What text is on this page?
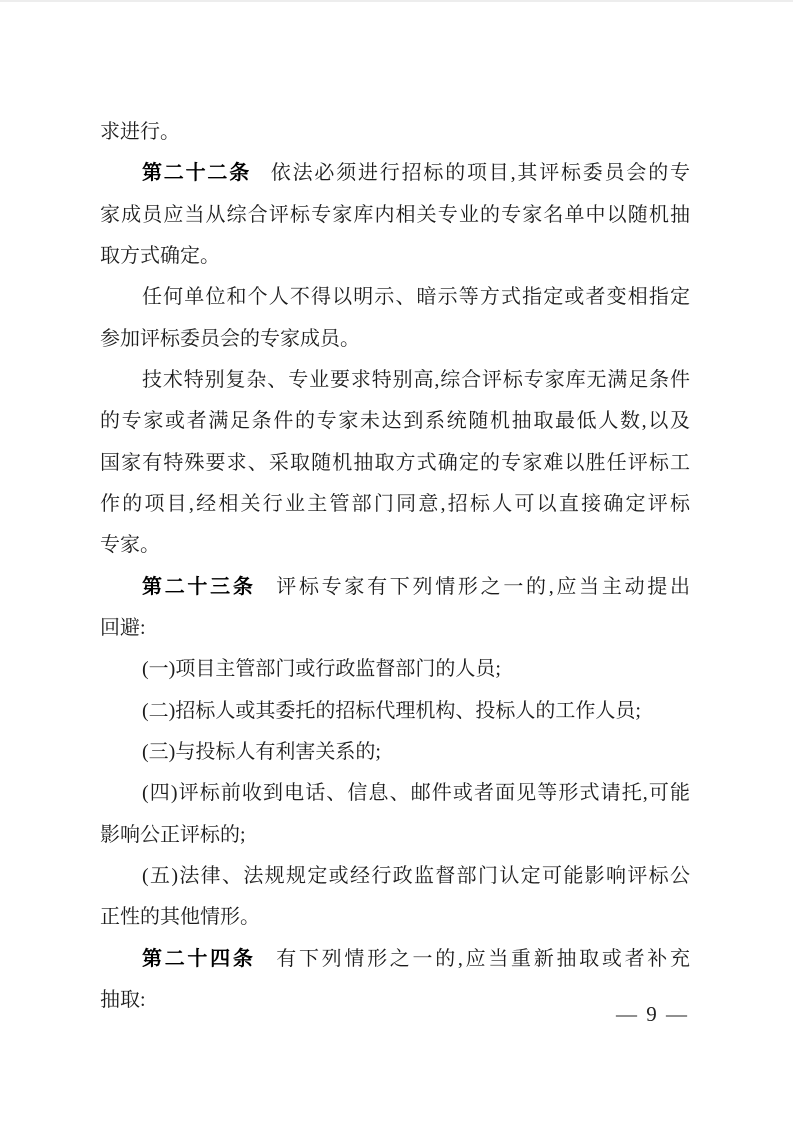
求进行。
第二十二条 依法必须进行招标的项目,其评标委员会的专
家成员应当从综合评标专家库内相关专业的专家名单中以随机抽
取方式确定。
任何单位和个人不得以明示、暗示等方式指定或者变相指定
参加评标委员会的专家成员。
技术特别复杂、专业要求特别高,综合评标专家库无满足条件
的专家或者满足条件的专家未达到系统随机抽取最低人数,以及
国家有特殊要求、采取随机抽取方式确定的专家难以胜任评标工
作的项目,经相关行业主管部门同意,招标人可以直接确定评标
专家。
第二十三条 评标专家有下列情形之一的,应当主动提出
回避:
(一)项目主管部门或行政监督部门的人员;
(二)招标人或其委托的招标代理机构、投标人的工作人员;
(三)与投标人有利害关系的;
(四)评标前收到电话、信息、邮件或者面见等形式请托,可能
影响公正评标的;
(五)法律、法规规定或经行政监督部门认定可能影响评标公
正性的其他情形。
第二十四条 有下列情形之一的,应当重新抽取或者补充
抽取:
— 9 —
